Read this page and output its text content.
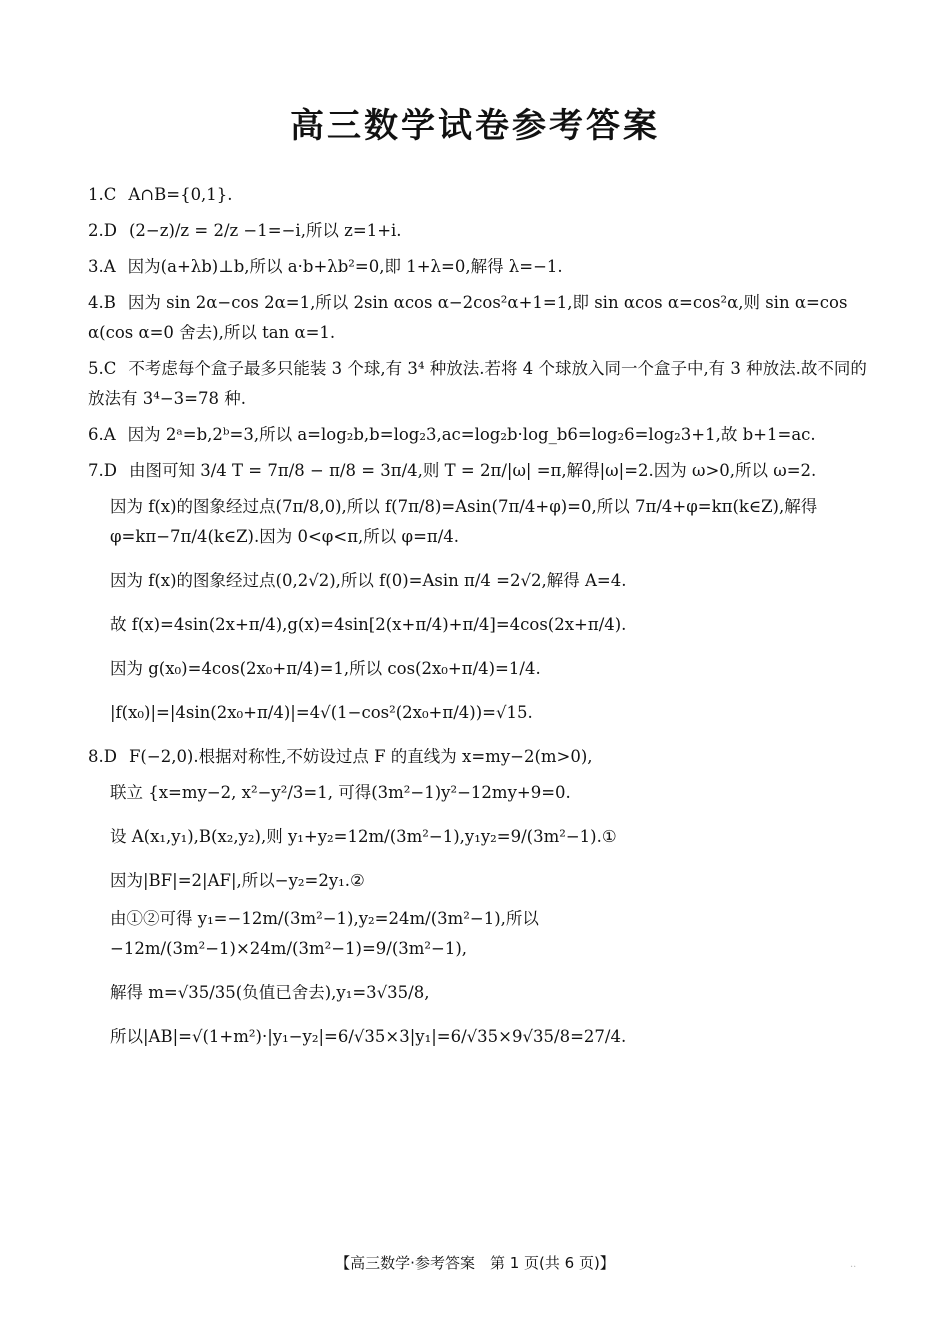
高三数学试卷参考答案
1.C A∩B={0,1}.
2.D (2−z)/z = 2/z −1=−i,所以 z=1+i.
3.A 因为(a+λb)⊥b,所以 a·b+λb²=0,即 1+λ=0,解得 λ=−1.
4.B 因为 sin 2α−cos 2α=1,所以 2sin αcos α−2cos²α+1=1,即 sin αcos α=cos²α,则 sin α=cos α(cos α=0 舍去),所以 tan α=1.
5.C 不考虑每个盒子最多只能装 3 个球,有 3⁴ 种放法.若将 4 个球放入同一个盒子中,有 3 种放法.故不同的放法有 3⁴−3=78 种.
6.A 因为 2ᵃ=b,2ᵇ=3,所以 a=log₂b,b=log₂3,ac=log₂b·log_b6=log₂6=log₂3+1,故 b+1=ac.
7.D 由图可知 3/4 T = 7π/8 − π/8 = 3π/4,则 T = 2π/|ω| =π,解得|ω|=2.因为 ω>0,所以 ω=2.
因为 f(x)的图象经过点(7π/8,0),所以 f(7π/8)=Asin(7π/4+φ)=0,所以 7π/4+φ=kπ(k∈Z),解得 φ=kπ−7π/4(k∈Z).因为 0<φ<π,所以 φ=π/4.
因为 f(x)的图象经过点(0,2√2),所以 f(0)=Asin π/4 =2√2,解得 A=4.
故 f(x)=4sin(2x+π/4),g(x)=4sin[2(x+π/4)+π/4]=4cos(2x+π/4).
因为 g(x₀)=4cos(2x₀+π/4)=1,所以 cos(2x₀+π/4)=1/4.
|f(x₀)|=|4sin(2x₀+π/4)|=4√(1−cos²(2x₀+π/4))=√15.
8.D F(−2,0).根据对称性,不妨设过点 F 的直线为 x=my−2(m>0),
联立 {x=my−2, x²−y²/3=1, 可得(3m²−1)y²−12my+9=0.
设 A(x₁,y₁),B(x₂,y₂),则 y₁+y₂=12m/(3m²−1),y₁y₂=9/(3m²−1).①
因为|BF|=2|AF|,所以−y₂=2y₁.②
由①②可得 y₁=−12m/(3m²−1),y₂=24m/(3m²−1),所以−12m/(3m²−1)×24m/(3m²−1)=9/(3m²−1),
解得 m=√35/35(负值已舍去),y₁=3√35/8,
所以|AB|=√(1+m²)·|y₁−y₂|=6/√35×3|y₁|=6/√35×9√35/8=27/4.
【高三数学·参考答案　第 1 页(共 6 页)】	··
